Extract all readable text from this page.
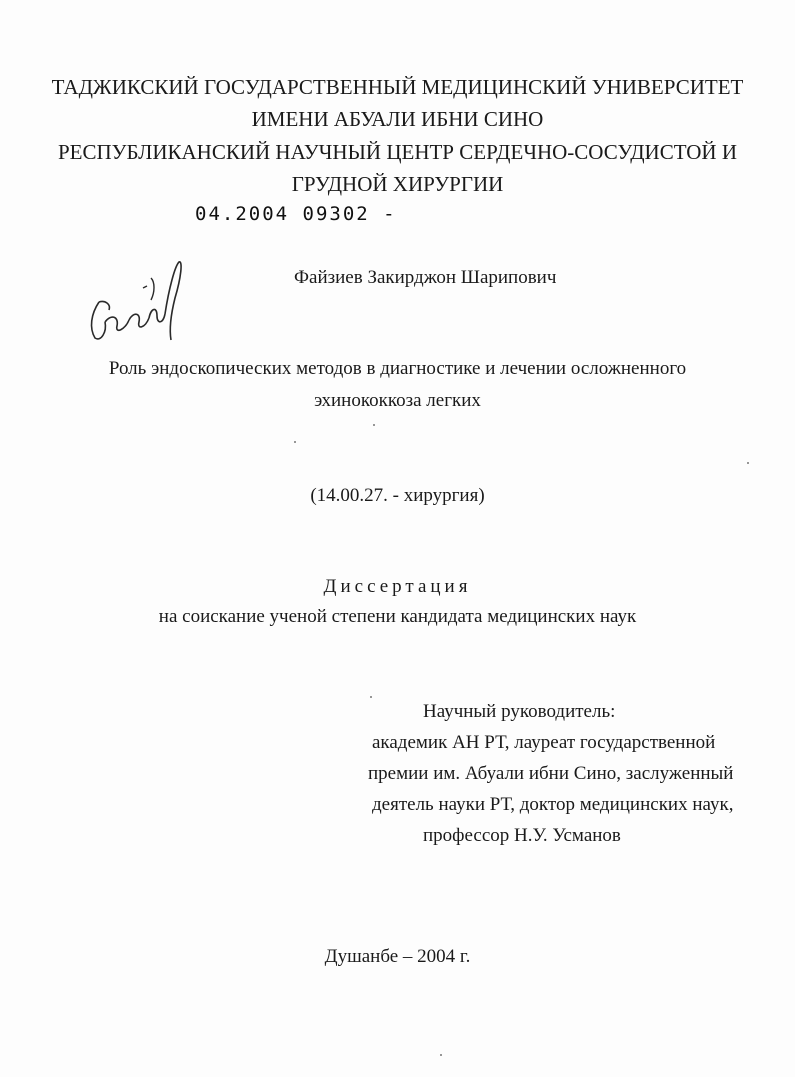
ТАДЖИКСКИЙ ГОСУДАРСТВЕННЫЙ МЕДИЦИНСКИЙ УНИВЕРСИТЕТ
ИМЕНИ АБУАЛИ ИБНИ СИНО
РЕСПУБЛИКАНСКИЙ НАУЧНЫЙ ЦЕНТР СЕРДЕЧНО-СОСУДИСТОЙ И
ГРУДНОЙ ХИРУРГИИ
04.2004 09302 -
Файзиев Закирджон Шарипович
Роль эндоскопических методов в диагностике и лечении осложненного
эхинококкоза легких
(14.00.27. - хирургия)
Диссертация
на соискание ученой степени кандидата медицинских наук
Научный руководитель:
академик АН РТ, лауреат государственной
премии им. Абуали ибни Сино, заслуженный
деятель науки РТ, доктор медицинских наук,
профессор Н.У. Усманов
Душанбе – 2004 г.
